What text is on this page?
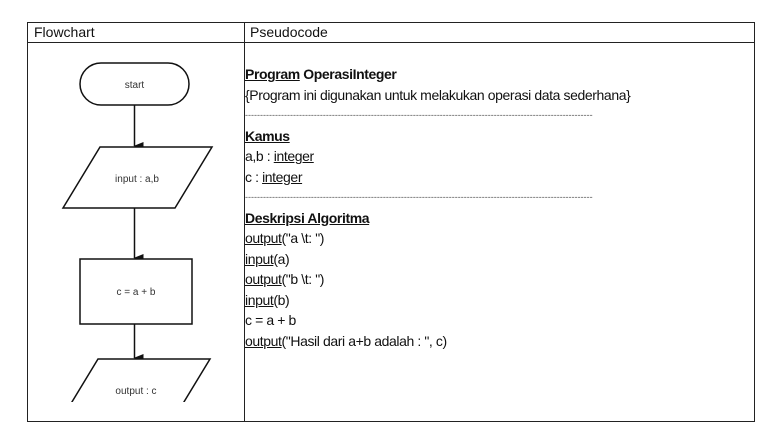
Flowchart	Pseudocode
start
input : a,b
c = a + b
output : c
Program OperasiInteger
{Program ini digunakan untuk melakukan operasi data sederhana}
--------------------------------------------------------------------------------------------------------------------
Kamus
a,b : integer
c : integer
--------------------------------------------------------------------------------------------------------------------
Deskripsi Algoritma
output("a \t: ")
input(a)
output("b \t: ")
input(b)
c = a + b
output("Hasil dari a+b adalah : ", c)
